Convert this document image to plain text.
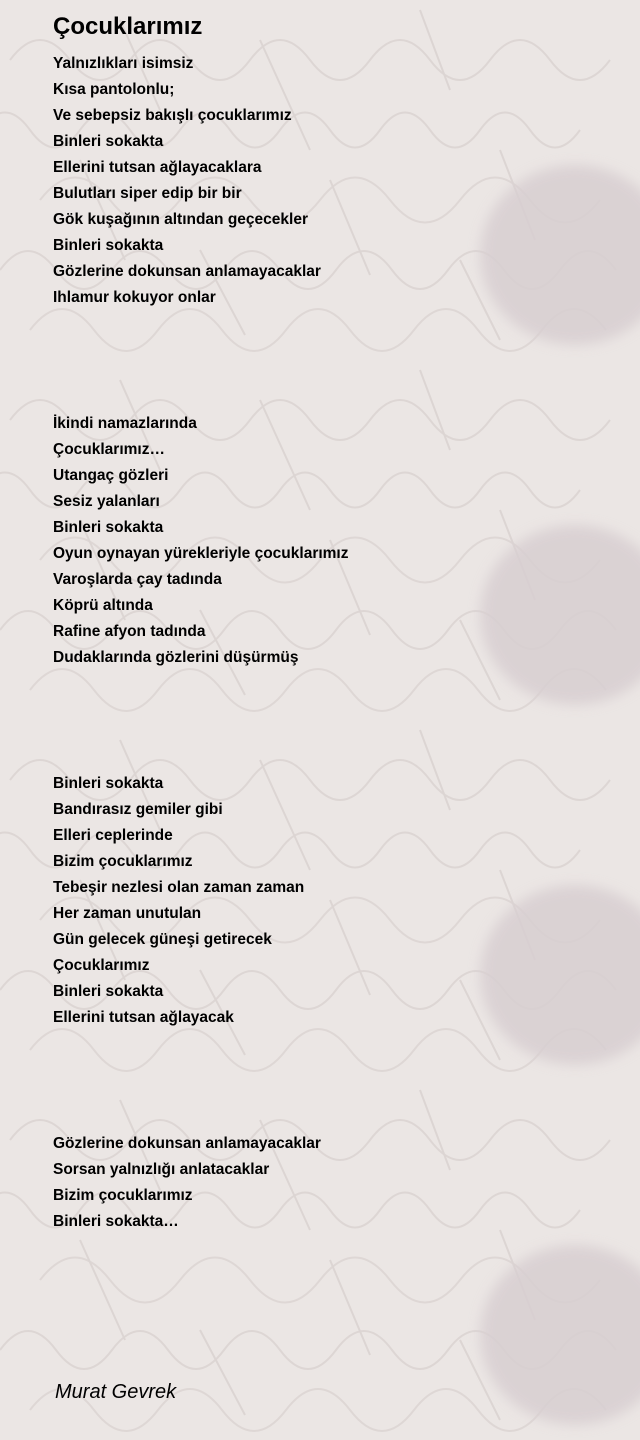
Çocuklarımız
Yalnızlıkları isimsiz
Kısa pantolonlu;
Ve sebepsiz bakışlı çocuklarımız
Binleri sokakta
Ellerini tutsan ağlayacaklara
Bulutları siper edip bir bir
Gök kuşağının altından geçecekler
Binleri sokakta
Gözlerine dokunsan anlamayacaklar
Ihlamur kokuyor onlar
İkindi namazlarında
Çocuklarımız…
Utangaç gözleri
Sesiz yalanları
Binleri sokakta
Oyun oynayan yürekleriyle çocuklarımız
Varoşlarda çay tadında
Köprü altında
Rafine afyon tadında
Dudaklarında gözlerini düşürmüş
Binleri sokakta
Bandırasız gemiler gibi
Elleri ceplerinde
Bizim çocuklarımız
Tebeşir nezlesi olan zaman zaman
Her zaman unutulan
Gün gelecek güneşi getirecek
Çocuklarımız
Binleri sokakta
Ellerini tutsan ağlayacak
Gözlerine dokunsan anlamayacaklar
Sorsan yalnızlığı anlatacaklar
Bizim çocuklarımız
Binleri sokakta…
Murat Gevrek
